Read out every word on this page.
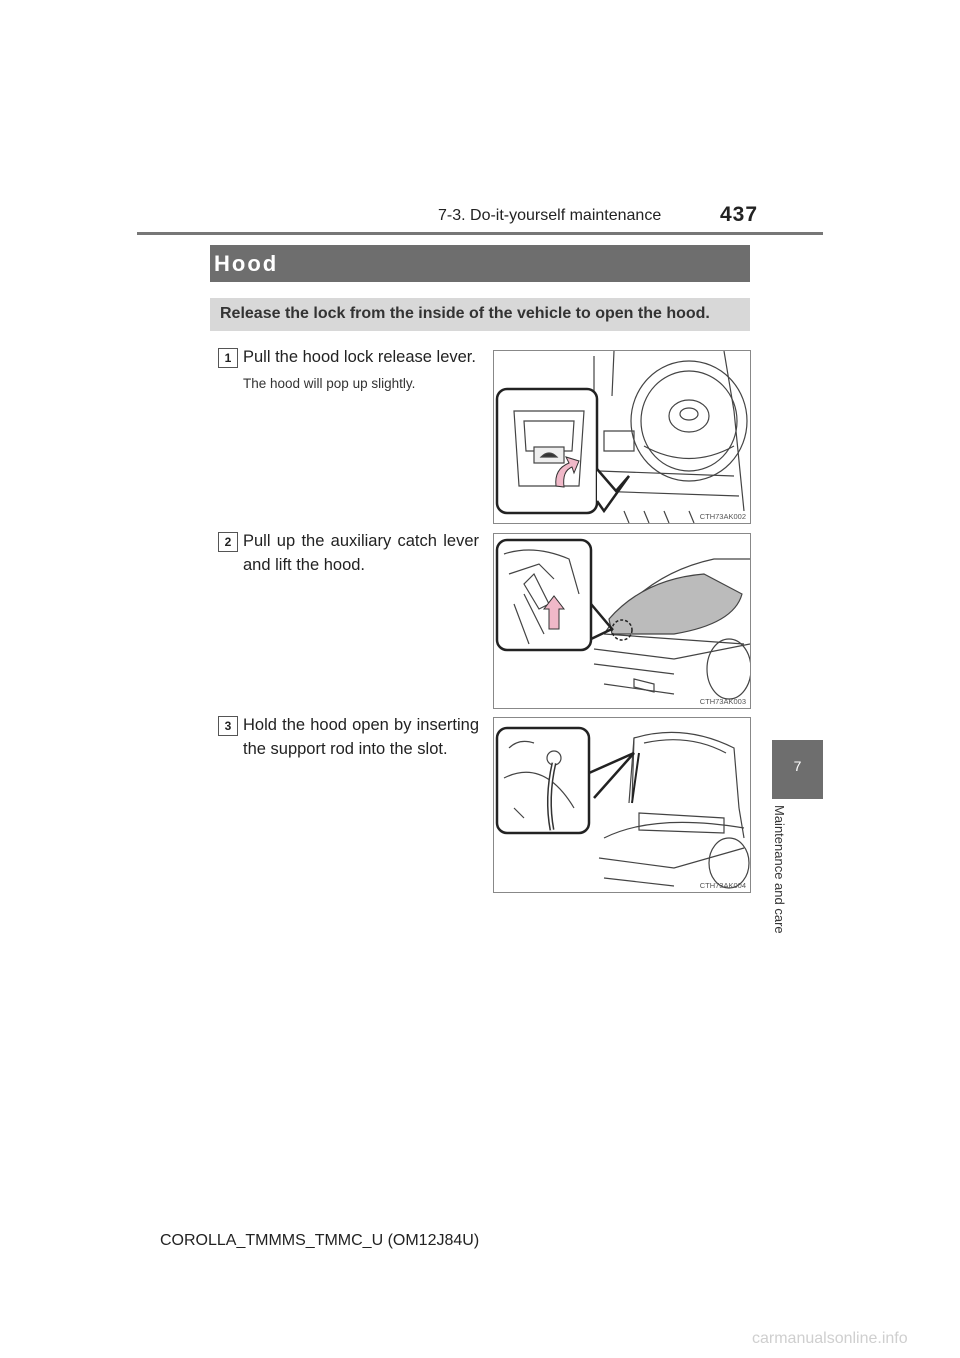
7-3. Do-it-yourself maintenance	437
Hood
Release the lock from the inside of the vehicle to open the hood.
1 Pull the hood lock release lever.
The hood will pop up slightly.
CTH73AK002
2 Pull up the auxiliary catch lever and lift the hood.
CTH73AK003
3 Hold the hood open by inserting the support rod into the slot.
CTH73AK004
7
Maintenance and care
COROLLA_TMMMS_TMMC_U (OM12J84U)
carmanualsonline.info
